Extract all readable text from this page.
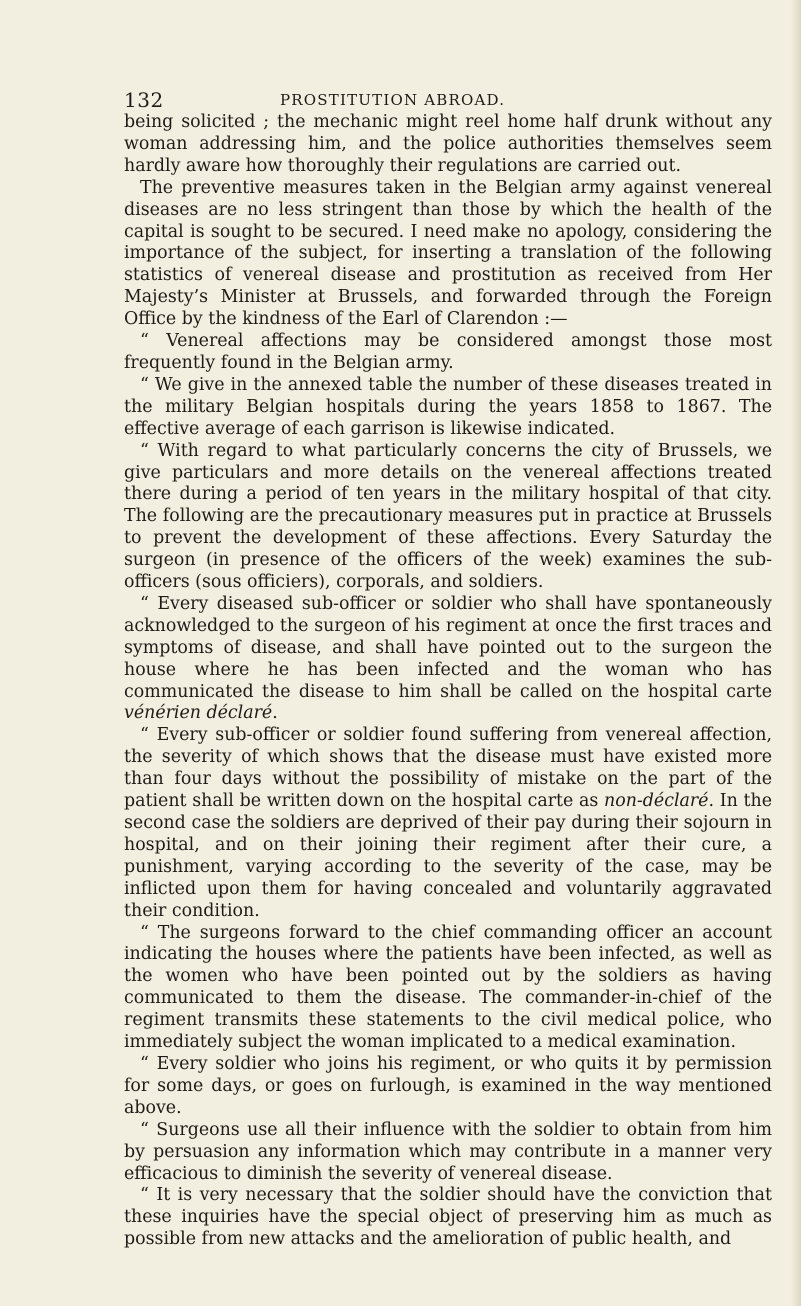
132	PROSTITUTION ABROAD.

being solicited ; the mechanic might reel home half drunk without any woman addressing him, and the police authorities themselves seem hardly aware how thoroughly their regulations are carried out.

The preventive measures taken in the Belgian army against venereal diseases are no less stringent than those by which the health of the capital is sought to be secured. I need make no apology, considering the importance of the subject, for inserting a translation of the following statistics of venereal disease and prostitution as received from Her Majesty’s Minister at Brussels, and forwarded through the Foreign Office by the kindness of the Earl of Clarendon :—

“ Venereal affections may be considered amongst those most frequently found in the Belgian army.

“ We give in the annexed table the number of these diseases treated in the military Belgian hospitals during the years 1858 to 1867. The effective average of each garrison is likewise indicated.

“ With regard to what particularly concerns the city of Brussels, we give particulars and more details on the venereal affections treated there during a period of ten years in the military hospital of that city. The following are the precautionary measures put in practice at Brussels to prevent the development of these affections. Every Saturday the surgeon (in presence of the officers of the week) examines the sub-officers (sous officiers), corporals, and soldiers.

“ Every diseased sub-officer or soldier who shall have spontaneously acknowledged to the surgeon of his regiment at once the first traces and symptoms of disease, and shall have pointed out to the surgeon the house where he has been infected and the woman who has communicated the disease to him shall be called on the hospital carte vénérien déclaré.

“ Every sub-officer or soldier found suffering from venereal affection, the severity of which shows that the disease must have existed more than four days without the possibility of mistake on the part of the patient shall be written down on the hospital carte as non-déclaré. In the second case the soldiers are deprived of their pay during their sojourn in hospital, and on their joining their regiment after their cure, a punishment, varying according to the severity of the case, may be inflicted upon them for having concealed and voluntarily aggravated their condition.

“ The surgeons forward to the chief commanding officer an account indicating the houses where the patients have been infected, as well as the women who have been pointed out by the soldiers as having communicated to them the disease. The commander-in-chief of the regiment transmits these statements to the civil medical police, who immediately subject the woman implicated to a medical examination.

“ Every soldier who joins his regiment, or who quits it by permission for some days, or goes on furlough, is examined in the way mentioned above.

“ Surgeons use all their influence with the soldier to obtain from him by persuasion any information which may contribute in a manner very efficacious to diminish the severity of venereal disease.

“ It is very necessary that the soldier should have the conviction that these inquiries have the special object of preserving him as much as possible from new attacks and the amelioration of public health, and
